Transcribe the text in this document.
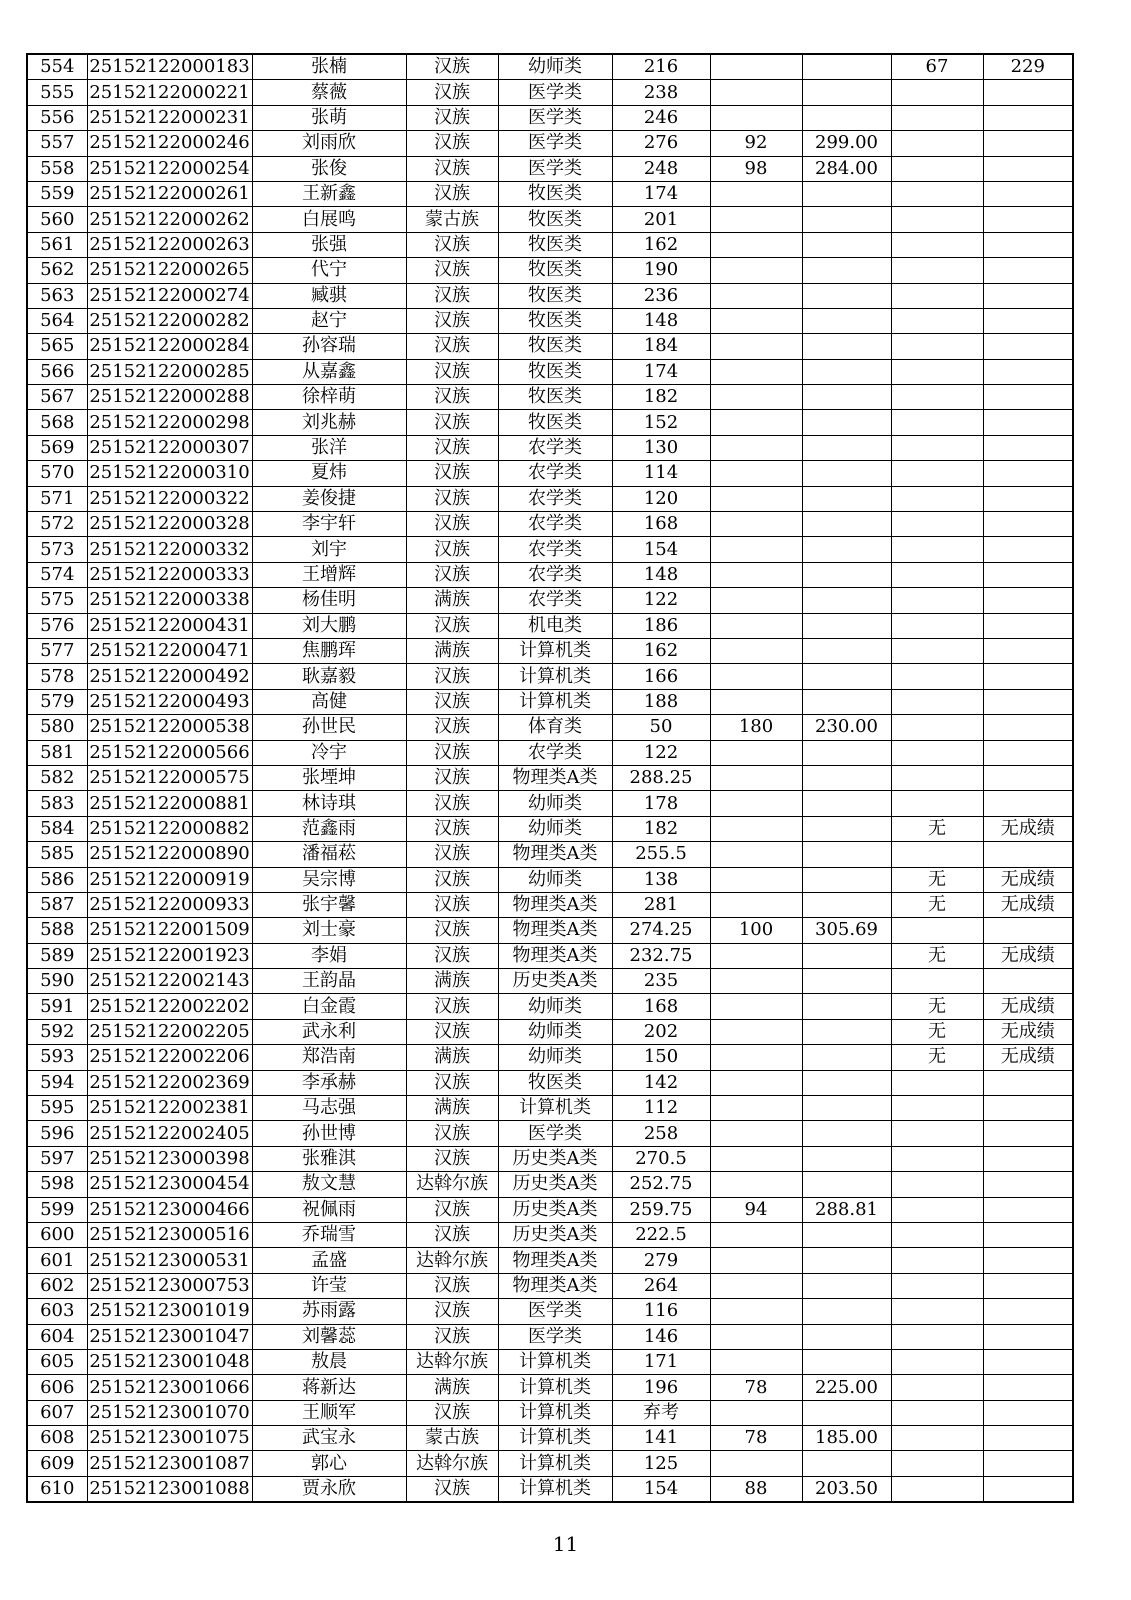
554	25152122000183	张楠	汉族	幼师类	216			67	229
555	25152122000221	蔡薇	汉族	医学类	238				
556	25152122000231	张萌	汉族	医学类	246				
557	25152122000246	刘雨欣	汉族	医学类	276	92	299.00		
558	25152122000254	张俊	汉族	医学类	248	98	284.00		
559	25152122000261	王新鑫	汉族	牧医类	174				
560	25152122000262	白展鸣	蒙古族	牧医类	201				
561	25152122000263	张强	汉族	牧医类	162				
562	25152122000265	代宁	汉族	牧医类	190				
563	25152122000274	臧骐	汉族	牧医类	236				
564	25152122000282	赵宁	汉族	牧医类	148				
565	25152122000284	孙容瑞	汉族	牧医类	184				
566	25152122000285	从嘉鑫	汉族	牧医类	174				
567	25152122000288	徐梓萌	汉族	牧医类	182				
568	25152122000298	刘兆赫	汉族	牧医类	152				
569	25152122000307	张洋	汉族	农学类	130				
570	25152122000310	夏炜	汉族	农学类	114				
571	25152122000322	姜俊捷	汉族	农学类	120				
572	25152122000328	李宇轩	汉族	农学类	168				
573	25152122000332	刘宇	汉族	农学类	154				
574	25152122000333	王增辉	汉族	农学类	148				
575	25152122000338	杨佳明	满族	农学类	122				
576	25152122000431	刘大鹏	汉族	机电类	186				
577	25152122000471	焦鹏珲	满族	计算机类	162				
578	25152122000492	耿嘉毅	汉族	计算机类	166				
579	25152122000493	高健	汉族	计算机类	188				
580	25152122000538	孙世民	汉族	体育类	50	180	230.00		
581	25152122000566	冷宇	汉族	农学类	122				
582	25152122000575	张堙坤	汉族	物理类A类	288.25				
583	25152122000881	林诗琪	汉族	幼师类	178				
584	25152122000882	范鑫雨	汉族	幼师类	182			无	无成绩
585	25152122000890	潘福菘	汉族	物理类A类	255.5				
586	25152122000919	吴宗博	汉族	幼师类	138			无	无成绩
587	25152122000933	张宇馨	汉族	物理类A类	281			无	无成绩
588	25152122001509	刘士豪	汉族	物理类A类	274.25	100	305.69		
589	25152122001923	李娟	汉族	物理类A类	232.75			无	无成绩
590	25152122002143	王韵晶	满族	历史类A类	235				
591	25152122002202	白金霞	汉族	幼师类	168			无	无成绩
592	25152122002205	武永利	汉族	幼师类	202			无	无成绩
593	25152122002206	郑浩南	满族	幼师类	150			无	无成绩
594	25152122002369	李承赫	汉族	牧医类	142				
595	25152122002381	马志强	满族	计算机类	112				
596	25152122002405	孙世博	汉族	医学类	258				
597	25152123000398	张雅淇	汉族	历史类A类	270.5				
598	25152123000454	敖文慧	达斡尔族	历史类A类	252.75				
599	25152123000466	祝佩雨	汉族	历史类A类	259.75	94	288.81		
600	25152123000516	乔瑞雪	汉族	历史类A类	222.5				
601	25152123000531	孟盛	达斡尔族	物理类A类	279				
602	25152123000753	许莹	汉族	物理类A类	264				
603	25152123001019	苏雨露	汉族	医学类	116				
604	25152123001047	刘馨蕊	汉族	医学类	146				
605	25152123001048	敖晨	达斡尔族	计算机类	171				
606	25152123001066	蒋新达	满族	计算机类	196	78	225.00		
607	25152123001070	王顺军	汉族	计算机类	弃考				
608	25152123001075	武宝永	蒙古族	计算机类	141	78	185.00		
609	25152123001087	郭心	达斡尔族	计算机类	125				
610	25152123001088	贾永欣	汉族	计算机类	154	88	203.50		
11
